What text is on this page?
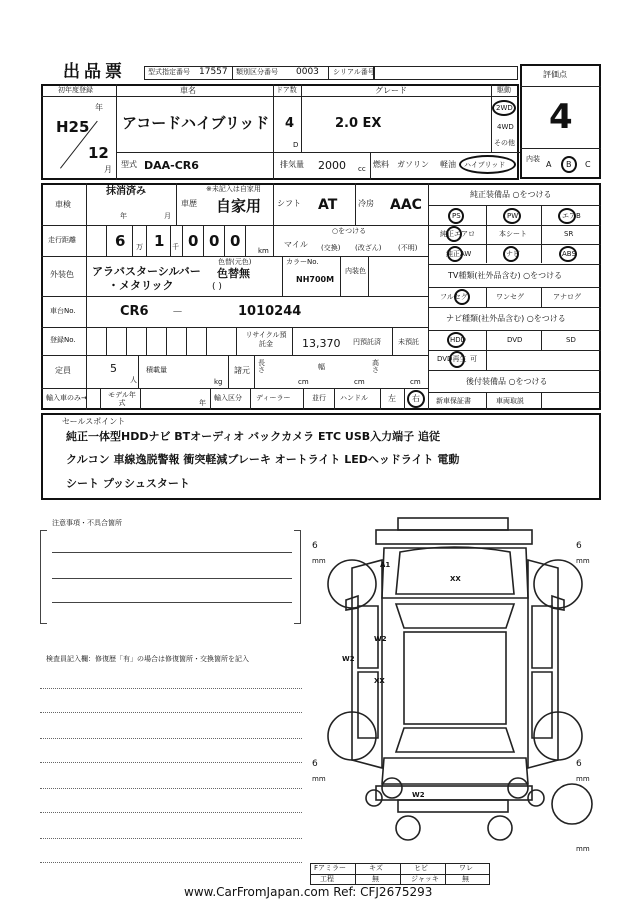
出品票	型式指定番号 17557 類別区分番号 0003 シリアル番号	評価点
4
初年度登録
年
H25
12
月
車名
アコードハイブリッド
ドア数
4
D
グレード
2.0 EX
駆動
2WD
4WD
その他
型式 DAA-CR6	排気量 2000 cc 燃料 ガソリン 軽油 ハイブリッド
内装
A B C
車検
抹消済み
年	月
車歴
※未記入は自家用
自家用 シフト AT	冷房 AAC
走行距離	6 万 1 千 0 0 0
km
○をつける
マイル (交換) (改ざん) (不明)
外装色 アラバスターシルバー
・メタリック
色替(元色)
色替無
( )
カラーNo.
NH700M
内装色
車台No.	CR6 －	1010244
登録No.
リサイクル預託金	13,370 円預託済 未預託
定員	5
人
積載量
kg
諸元
長さ
cm
幅
cm
高さ
cm
輸入車のみ→	モデル年式	年
輸入区分 ディーラー	並行 ハンドル	左 右
純正装備品 ○をつける
PS	PW	エアB
純正エアロ	本シート	SR
純正AW	ナビ	ABS
TV種類(社外品含む) ○をつける
フルセグ	ワンセグ	アナログ
ナビ種類(社外品含む) ○をつける
HDD	DVD	SD
DVD再生 可
後付装備品 ○をつける
新車保証書	車両取説
セールスポイント
純正一体型HDDナビ BTオーディオ バックカメラ ETC USB入力端子 追従
クルコン 車線逸脱警報 衝突軽減ブレーキ オートライト LEDヘッドライト 電動
シート プッシュスタート
注意事項・不具合箇所
検査員記入欄：修復歴「有」の場合は修復箇所・交換箇所を記入
A1
XX
W2
W2
XX
W2
6
mm
6
mm
6
mm
6
mm
mm
Fアミラー	キズ	ヒビ	ワレ
工程	無	ジャッキ	無
www.CarFromJapan.com Ref: CFJ2675293
